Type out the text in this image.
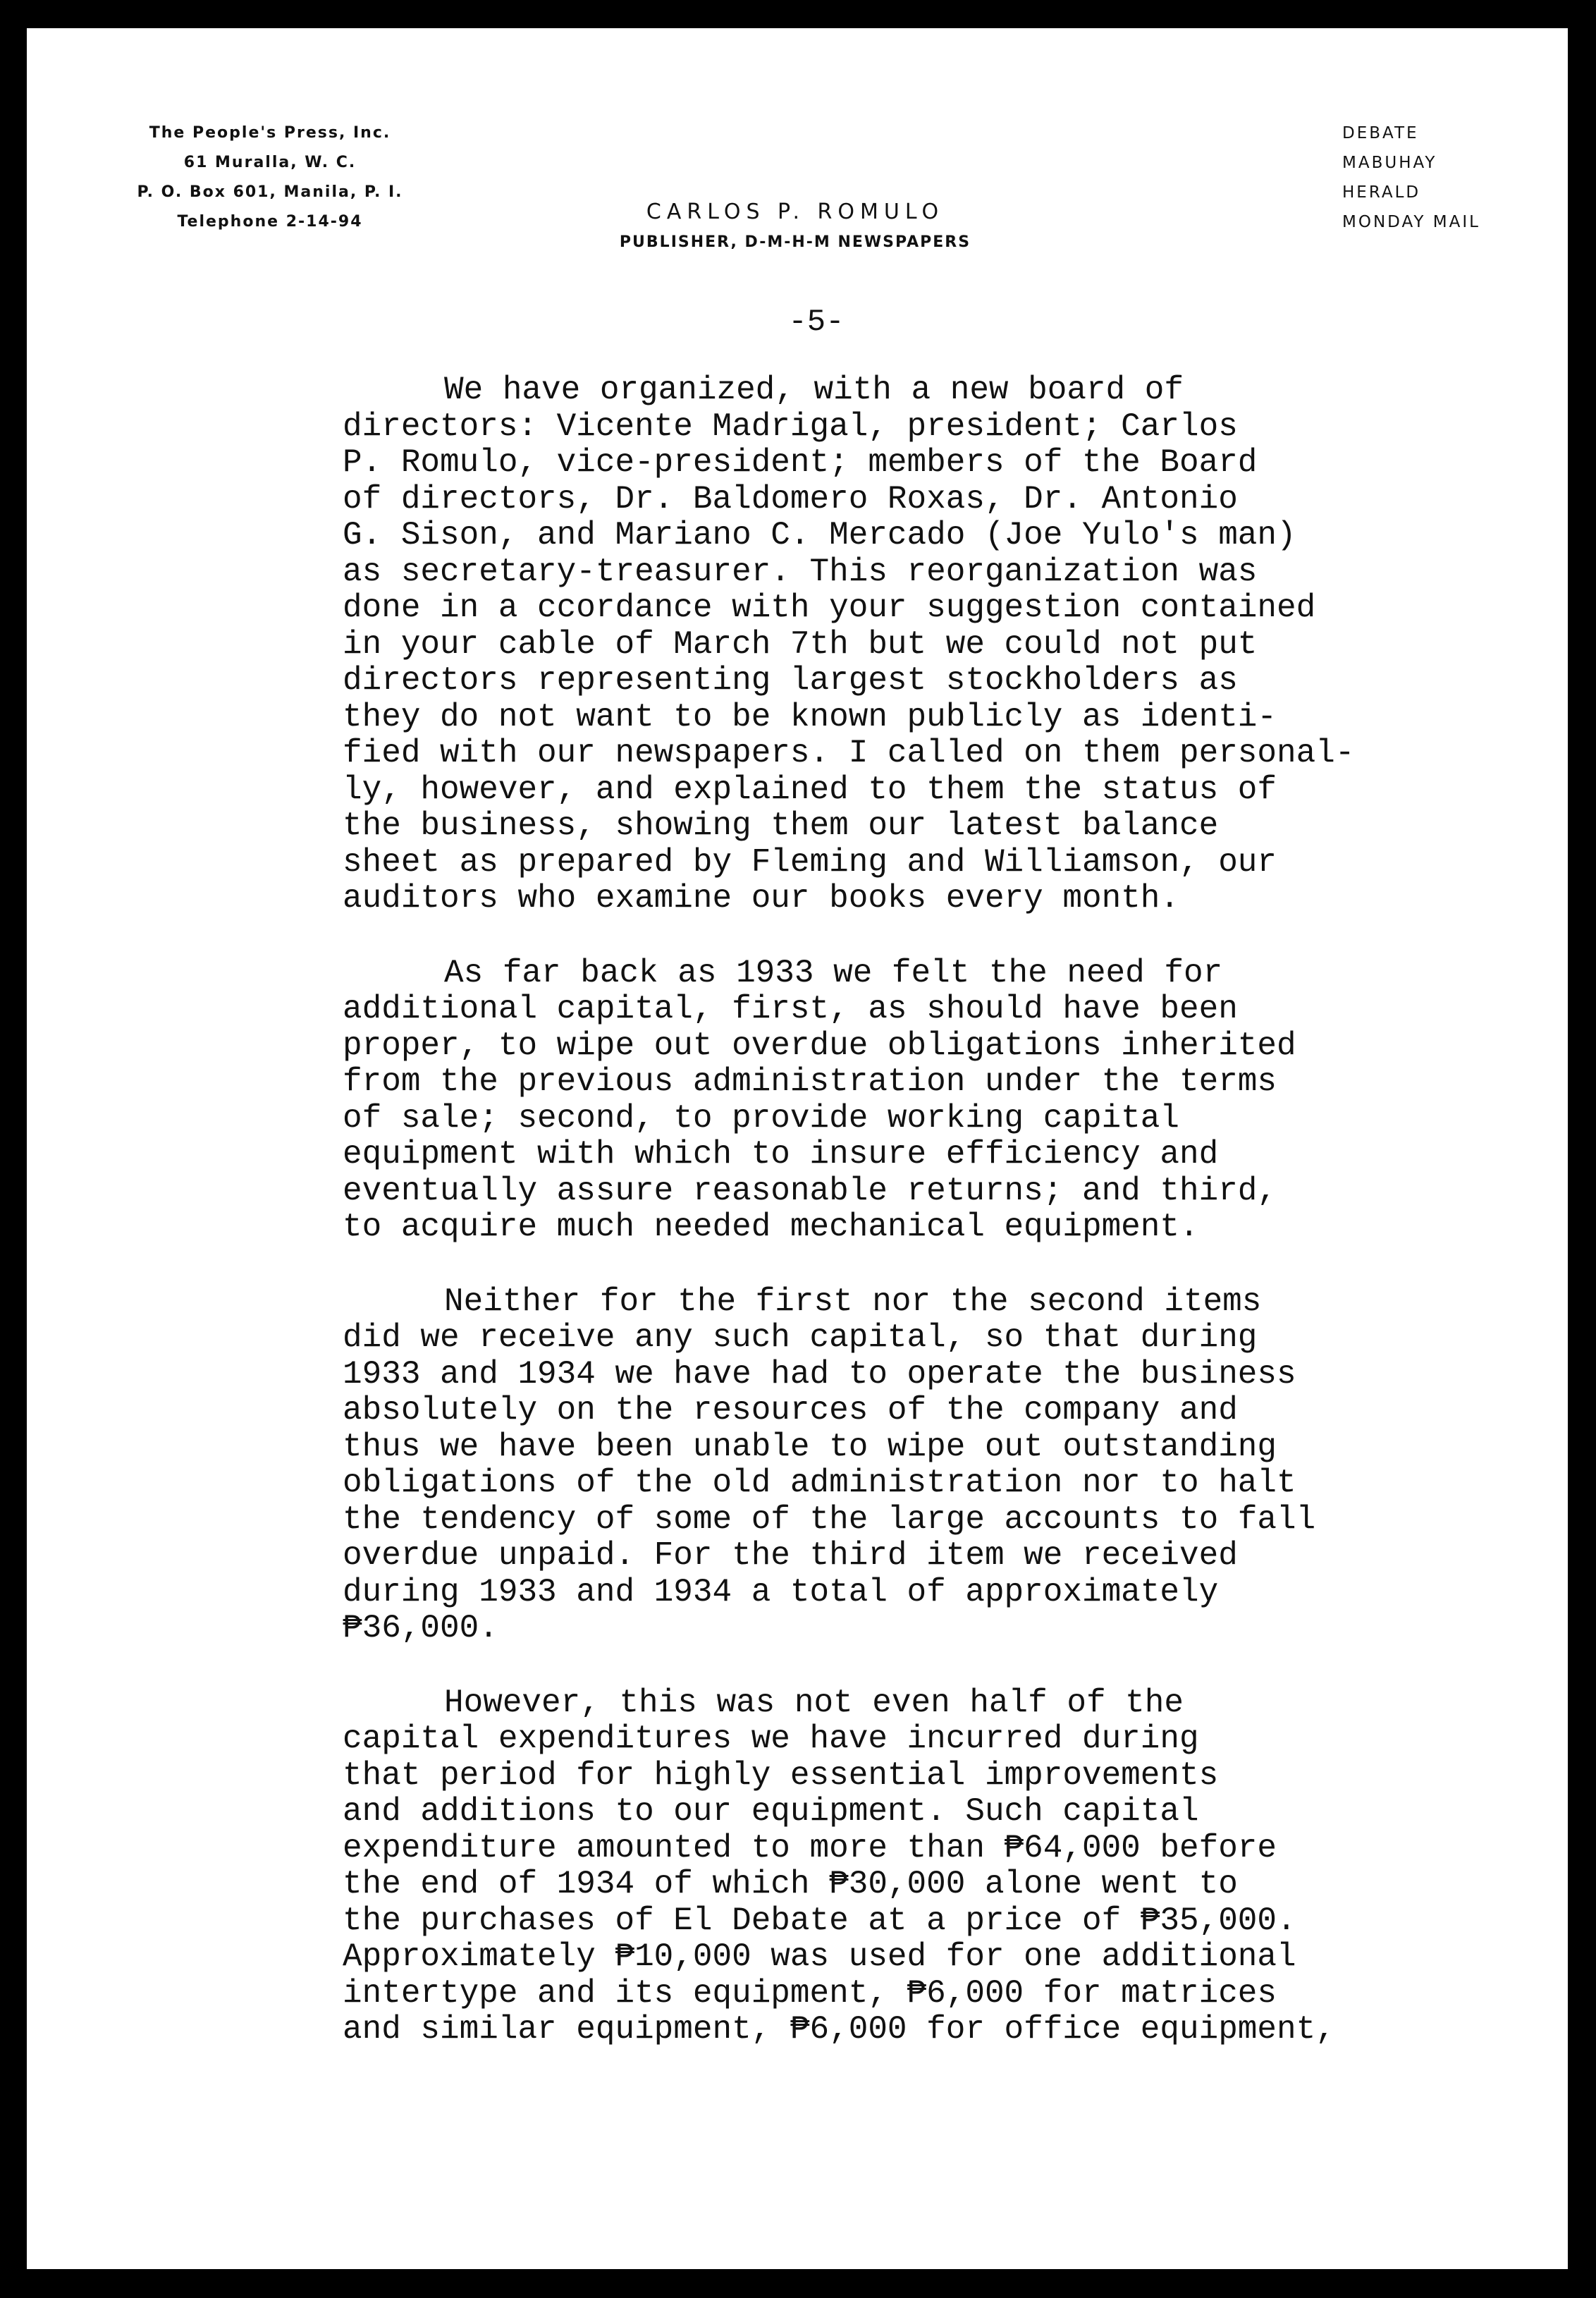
The People's Press, Inc.
61 Muralla, W. C.
P. O. Box 601, Manila, P. I.
Telephone 2-14-94	CARLOS P. ROMULO
PUBLISHER, D-M-H-M NEWSPAPERS
DEBATE
MABUHAY
HERALD
MONDAY MAIL
-5-
We have organized, with a new board of
directors: Vicente Madrigal, president; Carlos
P. Romulo, vice-president; members of the Board
of directors, Dr. Baldomero Roxas, Dr. Antonio
G. Sison, and Mariano C. Mercado (Joe Yulo's man)
as secretary-treasurer. This reorganization was
done in a ccordance with your suggestion contained
in your cable of March 7th but we could not put
directors representing largest stockholders as
they do not want to be known publicly as identi-
fied with our newspapers. I called on them personal-
ly, however, and explained to them the status of
the business, showing them our latest balance
sheet as prepared by Fleming and Williamson, our
auditors who examine our books every month.
As far back as 1933 we felt the need for
additional capital, first, as should have been
proper, to wipe out overdue obligations inherited
from the previous administration under the terms
of sale; second, to provide working capital
equipment with which to insure efficiency and
eventually assure reasonable returns; and third,
to acquire much needed mechanical equipment.
Neither for the first nor the second items
did we receive any such capital, so that during
1933 and 1934 we have had to operate the business
absolutely on the resources of the company and
thus we have been unable to wipe out outstanding
obligations of the old administration nor to halt
the tendency of some of the large accounts to fall
overdue unpaid. For the third item we received
during 1933 and 1934 a total of approximately
₱36,000.
However, this was not even half of the
capital expenditures we have incurred during
that period for highly essential improvements
and additions to our equipment. Such capital
expenditure amounted to more than ₱64,000 before
the end of 1934 of which ₱30,000 alone went to
the purchases of El Debate at a price of ₱35,000.
Approximately ₱10,000 was used for one additional
intertype and its equipment, ₱6,000 for matrices
and similar equipment, ₱6,000 for office equipment,
